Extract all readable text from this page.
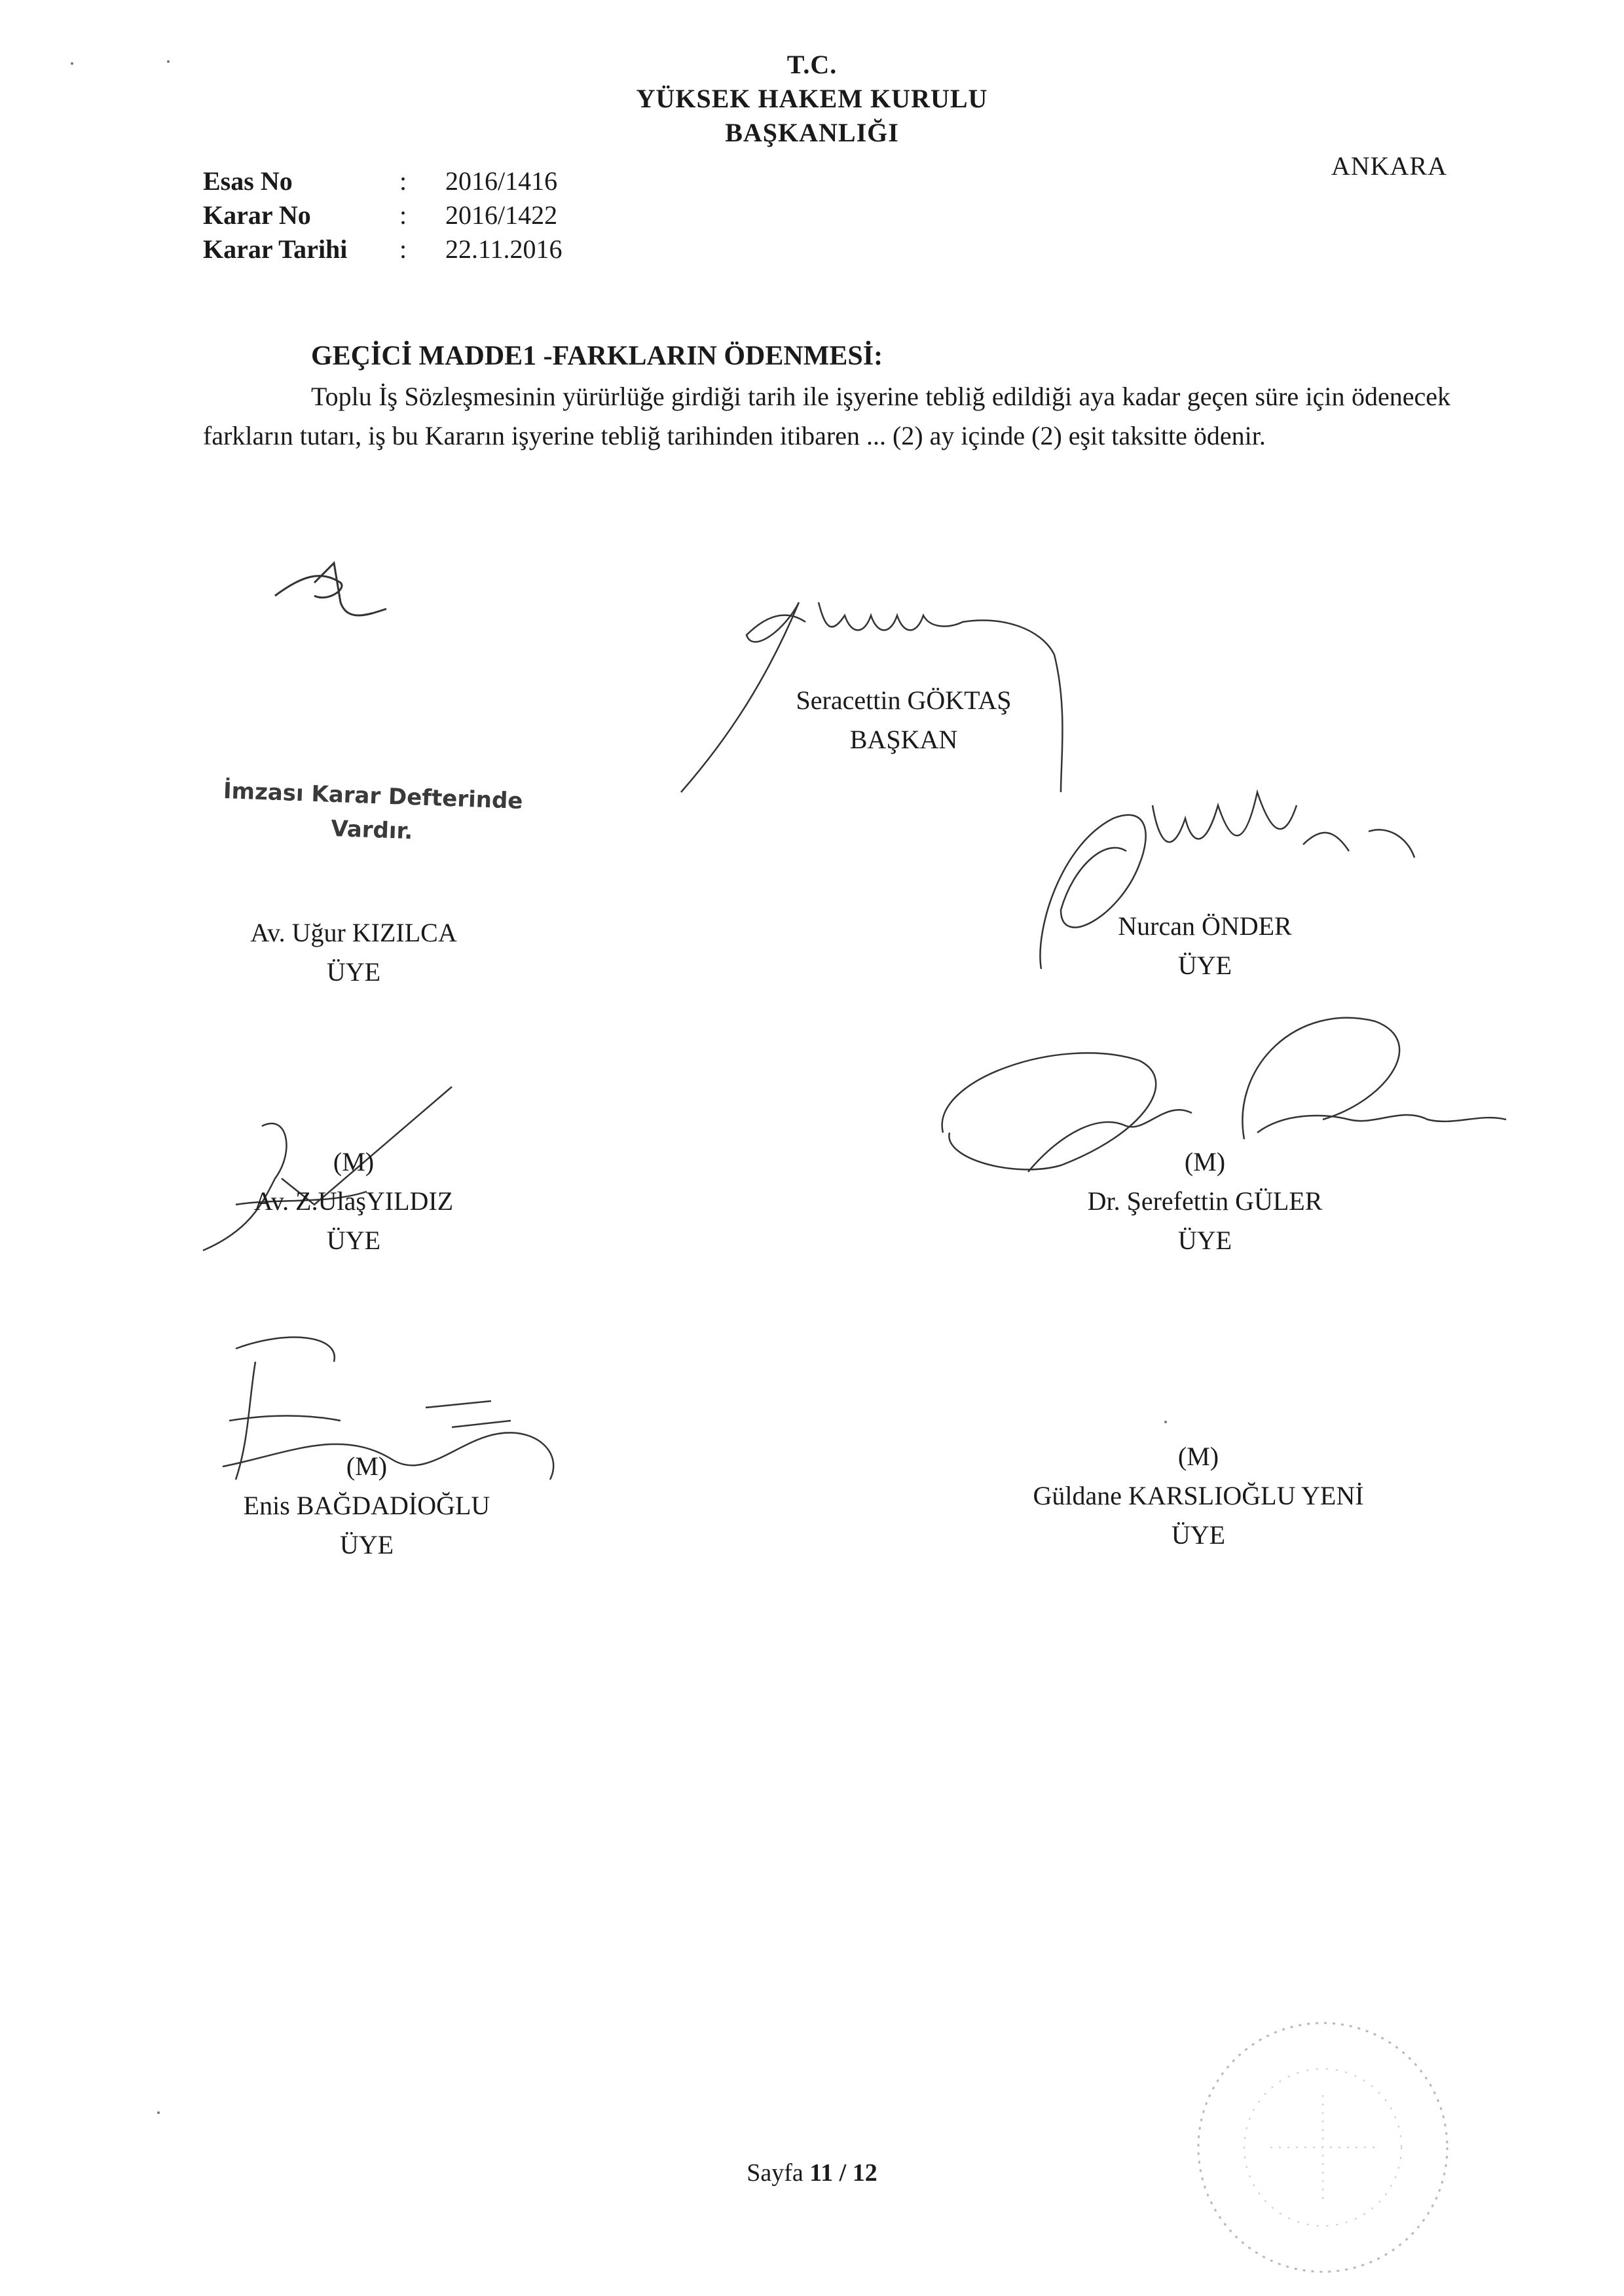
T.C.
YÜKSEK HAKEM KURULU
BAŞKANLIĞI
ANKARA
Esas No	:	2016/1416
Karar No	:	2016/1422
Karar Tarihi	:	22.11.2016
GEÇİCİ MADDE1 -FARKLARIN ÖDENMESİ:
Toplu İş Sözleşmesinin yürürlüğe girdiği tarih ile işyerine tebliğ edildiği aya kadar geçen süre için ödenecek farkların tutarı, iş bu Kararın işyerine tebliğ tarihinden itibaren ... (2) ay içinde (2) eşit taksitte ödenir.
Seracettin GÖKTAŞ
BAŞKAN
İmzası Karar Defterinde
Vardır.
Av. Uğur KIZILCA
ÜYE
Nurcan ÖNDER
ÜYE
(M)
Av. Z.UlaşYILDIZ
ÜYE
(M)
Dr. Şerefettin GÜLER
ÜYE
(M)
Enis BAĞDADİOĞLU
ÜYE
(M)
Güldane KARSLIOĞLU YENİ
ÜYE
Sayfa 11 / 12
